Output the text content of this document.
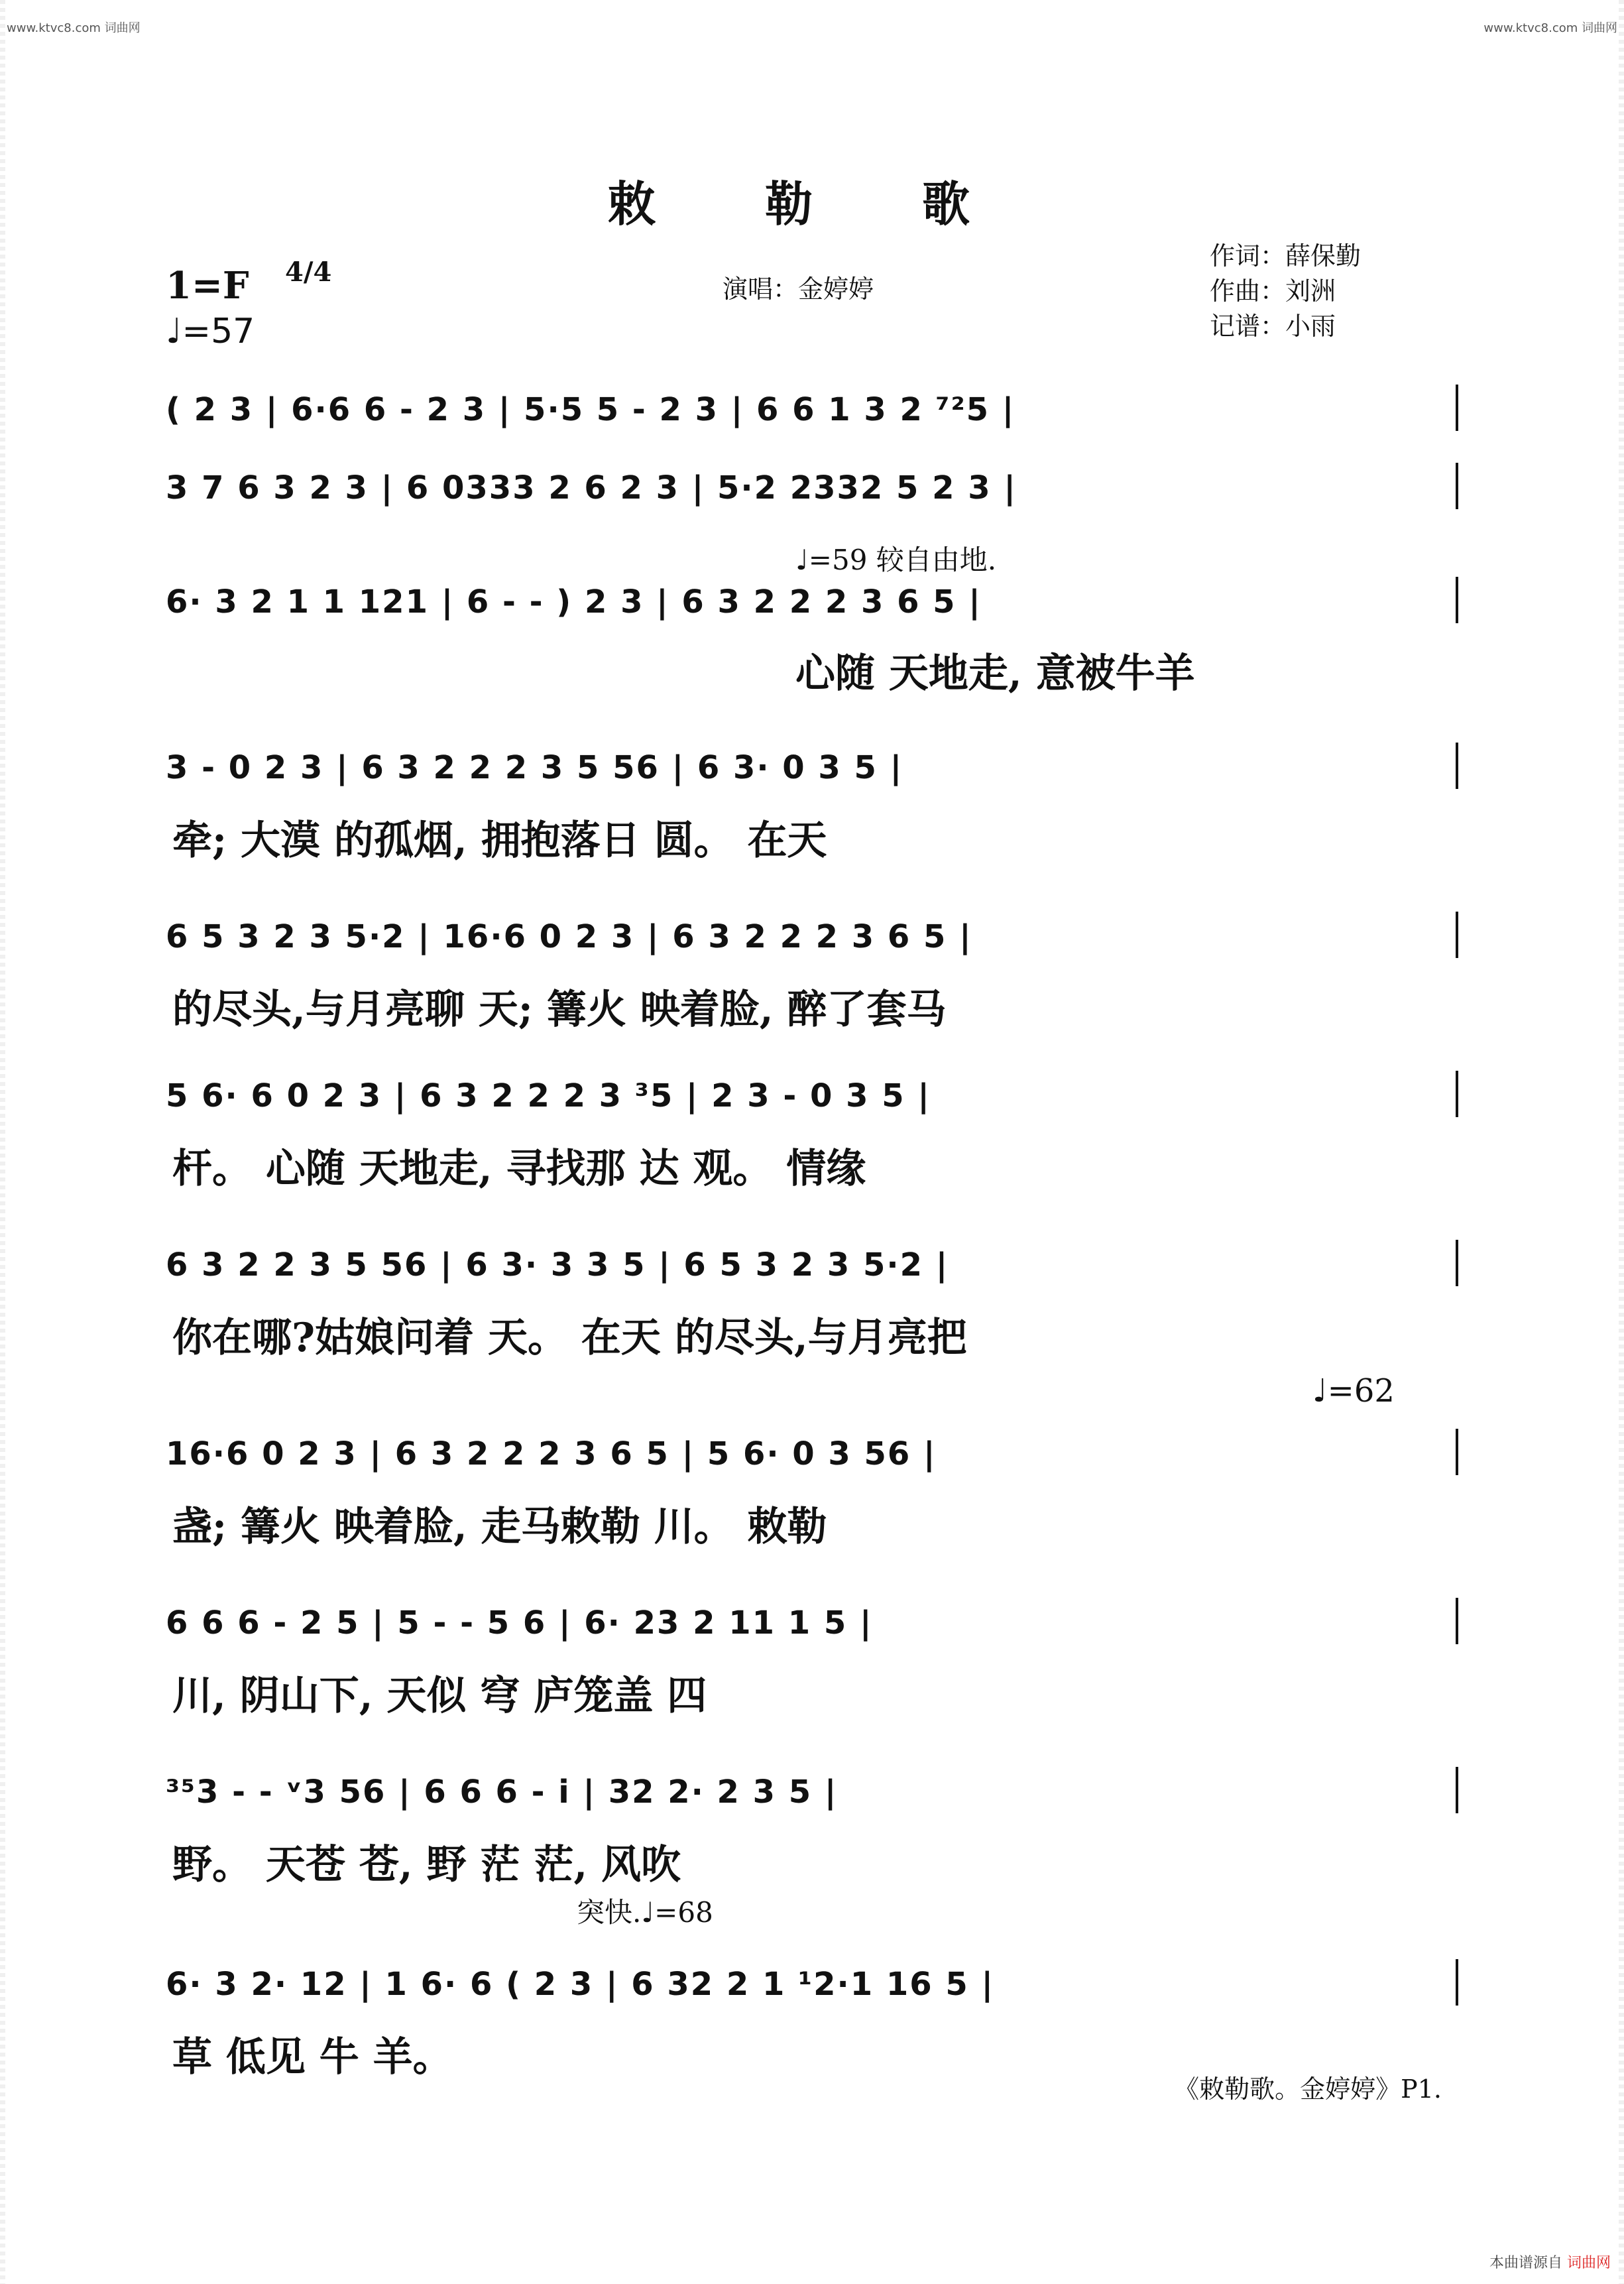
www.ktvc8.com 词曲网	www.ktvc8.com 词曲网
敕 勒 歌
1=F 4/4
♩=57
演唱：金婷婷
作词：薛保勤
作曲：刘洲
记谱：小雨
( 2 3 | 6·6 6 - 2 3 | 5·5 5 - 2 3 | 6 6 1 3 2 ⁷²5 |
3 7 6 3 2 3 | 6 0333 2 6 2 3 | 5·2 2332 5 2 3 |
♩=59 较自由地.
6· 3 2 1 1 121 | 6 - - ) 2 3 | 6 3 2 2 2 3 6 5 |
心随 天地走, 意被牛羊
3 - 0 2 3 | 6 3 2 2 2 3 5 56 | 6 3· 0 3 5 |
牵; 大漠 的孤烟, 拥抱落日 圆。 在天
6 5 3 2 3 5·2 | 16·6 0 2 3 | 6 3 2 2 2 3 6 5 |
的尽头,与月亮聊 天; 篝火 映着脸, 醉了套马
5 6· 6 0 2 3 | 6 3 2 2 2 3 ³5 | 2 3 - 0 3 5 |
杆。 心随 天地走, 寻找那 达 观。 情缘
6 3 2 2 3 5 56 | 6 3· 3 3 5 | 6 5 3 2 3 5·2 |
你在哪?姑娘问着 天。 在天 的尽头,与月亮把
♩=62
16·6 0 2 3 | 6 3 2 2 2 3 6 5 | 5 6· 0 3 56 |
盏; 篝火 映着脸, 走马敕勒 川。 敕勒
6 6 6 - 2 5 | 5 - - 5 6 | 6· 23 2 11 1 5 |
川, 阴山下, 天似 穹 庐笼盖 四
³⁵3 - - ᵛ3 56 | 6 6 6 - i | 32 2· 2 3 5 |
野。 天苍 苍, 野 茫 茫, 风吹
突快.♩=68
6· 3 2· 12 | 1 6· 6 ( 2 3 | 6 32 2 1 ¹2·1 16 5 |
草 低见 牛 羊。
《敕勒歌。金婷婷》P1.
本曲谱源自 词曲网
